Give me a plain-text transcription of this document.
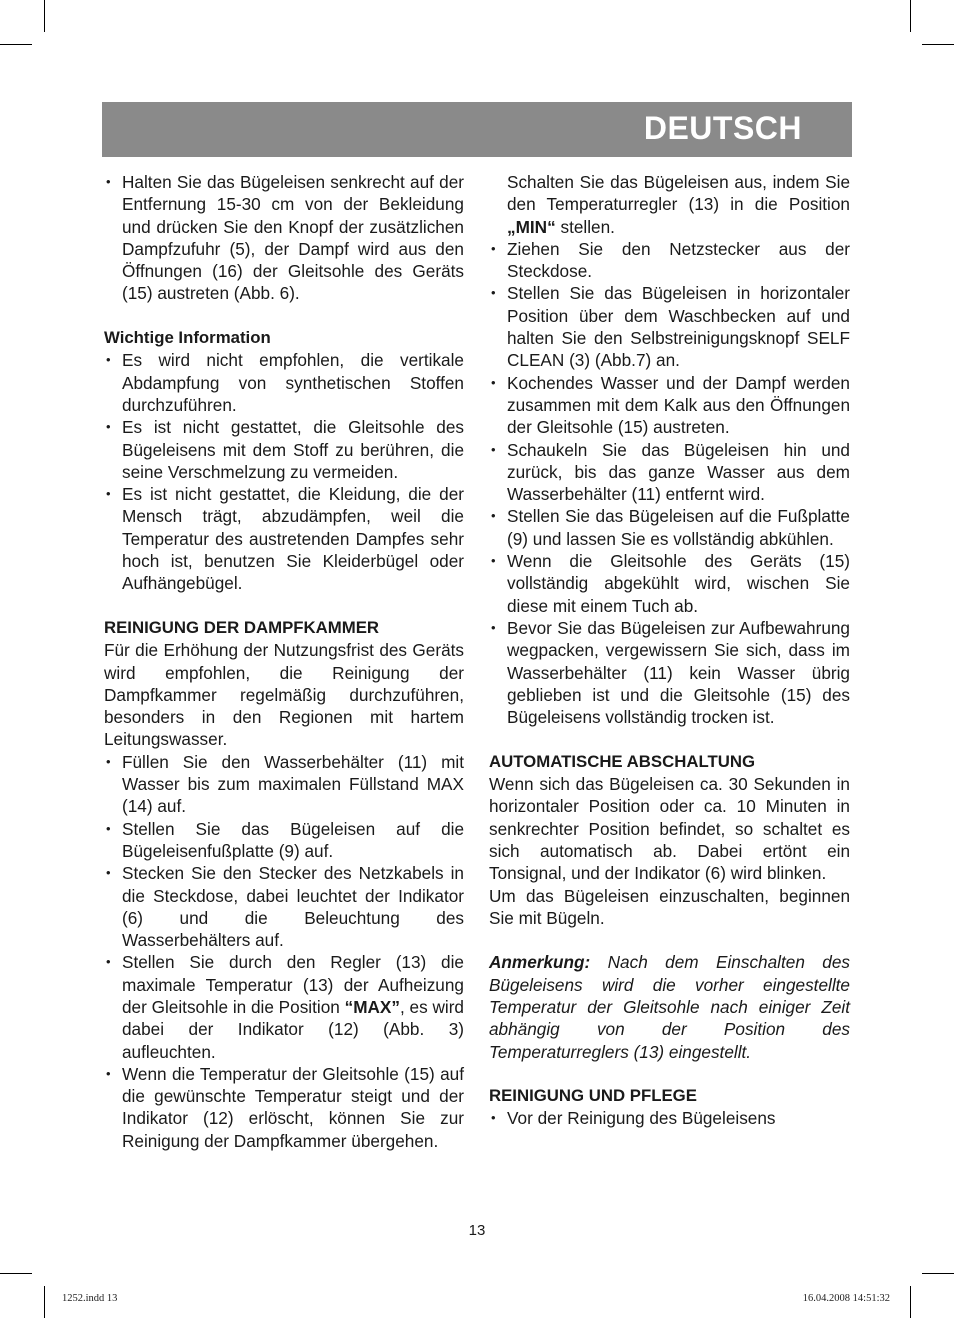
DEUTSCH
• Halten Sie das Bügeleisen senkrecht auf der Entfernung 15-30 cm von der Bekleidung und drücken Sie den Knopf der zusätzlichen Dampfzufuhr (5), der Dampf wird aus den Öffnungen (16) der Gleitsohle des Geräts (15) austreten (Abb. 6).
Wichtige Information
• Es wird nicht empfohlen, die vertikale Abdampfung von synthetischen Stoffen durchzuführen.
• Es ist nicht gestattet, die Gleitsohle des Bügeleisens mit dem Stoff zu berühren, die seine Verschmelzung zu vermeiden.
• Es ist nicht gestattet, die Kleidung, die der Mensch trägt, abzudämpfen, weil die Temperatur des austretenden Dampfes sehr hoch ist, benutzen Sie Kleiderbügel oder Aufhängebügel.
REINIGUNG DER DAMPFKAMMER

Für die Erhöhung der Nutzungsfrist des Geräts wird empfohlen, die Reinigung der Dampfkammer regelmäßig durchzuführen, besonders in den Regionen mit hartem Leitungswasser.

• Füllen Sie den Wasserbehälter (11) mit Wasser bis zum maximalen Füllstand MAX (14) auf.
• Stellen Sie das Bügeleisen auf die Bügeleisenfußplatte (9) auf.
• Stecken Sie den Stecker des Netzkabels in die Steckdose, dabei leuchtet der Indikator (6) und die Beleuchtung des Wasserbehälters auf.
• Stellen Sie durch den Regler (13) die maximale Temperatur (13) der Aufheizung der Gleitsohle in die Position “MAX”, es wird dabei der Indikator (12) (Abb. 3) aufleuchten.
• Wenn die Temperatur der Gleitsohle (15) auf die gewünschte Temperatur steigt und der Indikator (12) erlöscht, können Sie zur Reinigung der Dampfkammer übergehen.
Schalten Sie das Bügeleisen aus, indem Sie den Temperaturregler (13) in die Position „MIN“ stellen.
• Ziehen Sie den Netzstecker aus der Steckdose.
• Stellen Sie das Bügeleisen in horizontaler Position über dem Waschbecken auf und halten Sie den Selbstreinigungsknopf SELF CLEAN (3) (Abb.7) an.
• Kochendes Wasser und der Dampf werden zusammen mit dem Kalk aus den Öffnungen der Gleitsohle (15) austreten.
• Schaukeln Sie das Bügeleisen hin und zurück, bis das ganze Wasser aus dem Wasserbehälter (11) entfernt wird.
• Stellen Sie das Bügeleisen auf die Fußplatte (9) und lassen Sie es vollständig abkühlen.
• Wenn die Gleitsohle des Geräts (15) vollständig abgekühlt wird, wischen Sie diese mit einem Tuch ab.
• Bevor Sie das Bügeleisen zur Aufbewahrung wegpacken, vergewissern Sie sich, dass im Wasserbehälter (11) kein Wasser übrig geblieben ist und die Gleitsohle (15) des Bügeleisens vollständig trocken ist.
AUTOMATISCHE ABSCHALTUNG

Wenn sich das Bügeleisen ca. 30 Sekunden in horizontaler Position oder ca. 10 Minuten in senkrechter Position befindet, so schaltet es sich automatisch ab. Dabei ertönt ein Tonsignal, und der Indikator (6) wird blinken.

Um das Bügeleisen einzuschalten, beginnen Sie mit Bügeln.

Anmerkung: Nach dem Einschalten des Bügeleisens wird die vorher eingestellte Temperatur der Gleitsohle nach einiger Zeit abhängig von der Position des Temperaturreglers (13) eingestellt.

REINIGUNG UND PFLEGE
• Vor der Reinigung des Bügeleisens
13
1252.indd 13	16.04.2008 14:51:32
